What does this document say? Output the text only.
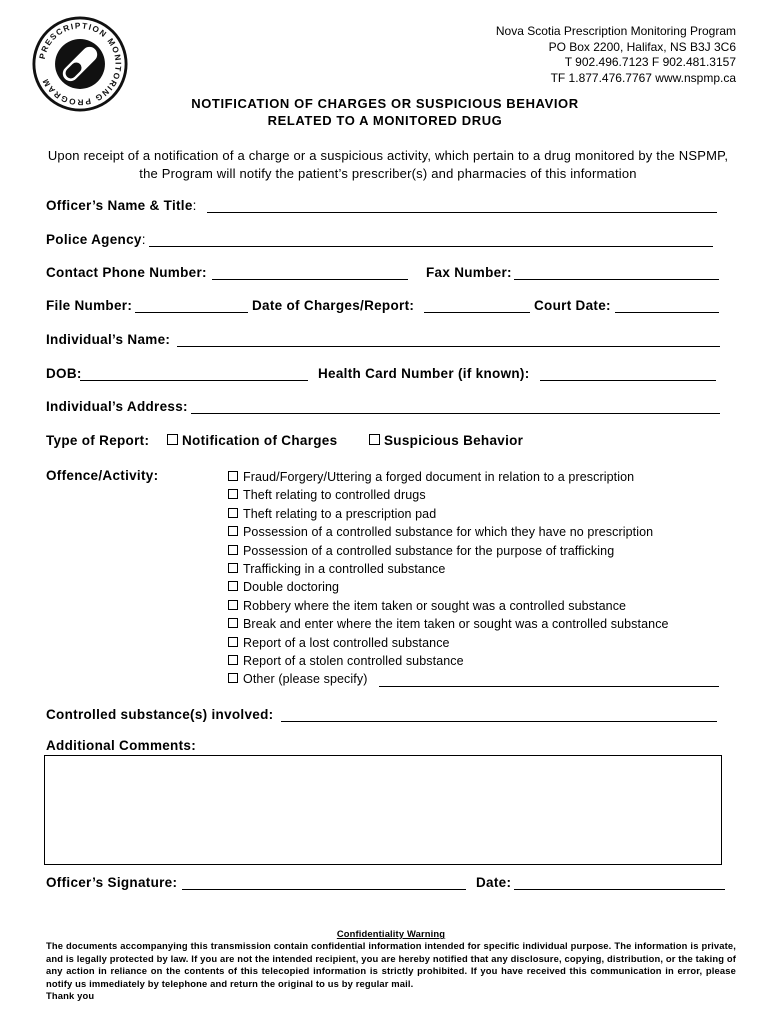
PRESCRIPTION MONITORING PROGRAM
Nova Scotia Prescription Monitoring Program
PO Box 2200, Halifax, NS B3J 3C6
T 902.496.7123 F 902.481.3157
TF 1.877.476.7767 www.nspmp.ca
NOTIFICATION OF CHARGES OR SUSPICIOUS BEHAVIOR
RELATED TO A MONITORED DRUG
Upon receipt of a notification of a charge or a suspicious activity, which pertain to a drug monitored by the NSPMP, the Program will notify the patient’s prescriber(s) and pharmacies of this information
Officer’s Name & Title:
Police Agency:
Contact Phone Number:	Fax Number:
File Number:	Date of Charges/Report:	Court Date:
Individual’s Name:
DOB:	Health Card Number (if known):
Individual’s Address:
Type of Report:	Notification of Charges	Suspicious Behavior
Offence/Activity:	Fraud/Forgery/Uttering a forged document in relation to a prescription
Theft relating to controlled drugs
Theft relating to a prescription pad
Possession of a controlled substance for which they have no prescription
Possession of a controlled substance for the purpose of trafficking
Trafficking in a controlled substance
Double doctoring
Robbery where the item taken or sought was a controlled substance
Break and enter where the item taken or sought was a controlled substance
Report of a lost controlled substance
Report of a stolen controlled substance
Other (please specify)
Controlled substance(s) involved:
Additional Comments:
Officer’s Signature:	Date:
Confidentiality Warning
The documents accompanying this transmission contain confidential information intended for specific individual purpose. The information is private, and is legally protected by law. If you are not the intended recipient, you are hereby notified that any disclosure, copying, distribution, or the taking of any action in reliance on the contents of this telecopied information is strictly prohibited. If you have received this communication in error, please notify us immediately by telephone and return the original to us by regular mail.
Thank you
